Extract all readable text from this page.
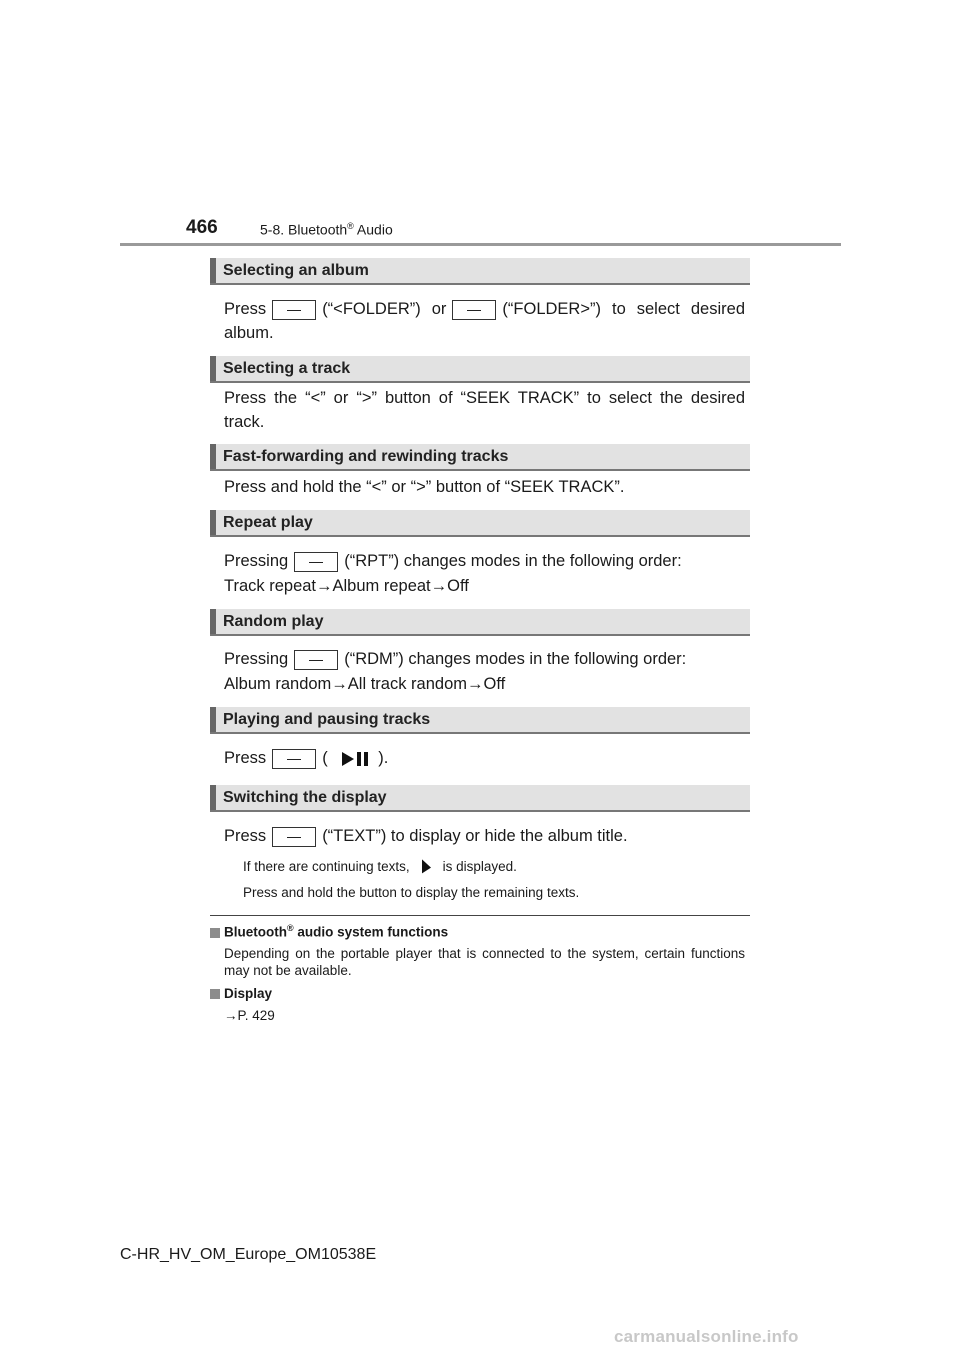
466	5-8. Bluetooth® Audio
Selecting an album
Press	(“<FOLDER”) or	(“FOLDER>”) to select desired album.
Selecting a track
Press the “<” or “>” button of “SEEK TRACK” to select the desired track.
Fast-forwarding and rewinding tracks
Press and hold the “<” or “>” button of “SEEK TRACK”.
Repeat play
Pressing	(“RPT”) changes modes in the following order:
Track repeat→Album repeat→Off
Random play
Pressing	(“RDM”) changes modes in the following order:
Album random→All track random→Off
Playing and pausing tracks
Press	(	).
Switching the display
Press	(“TEXT”) to display or hide the album title.
If there are continuing texts, is displayed.
Press and hold the button to display the remaining texts.
Bluetooth® audio system functions
Depending on the portable player that is connected to the system, certain functions may not be available.
Display
→P. 429
C-HR_HV_OM_Europe_OM10538E
carmanualsonline.info
